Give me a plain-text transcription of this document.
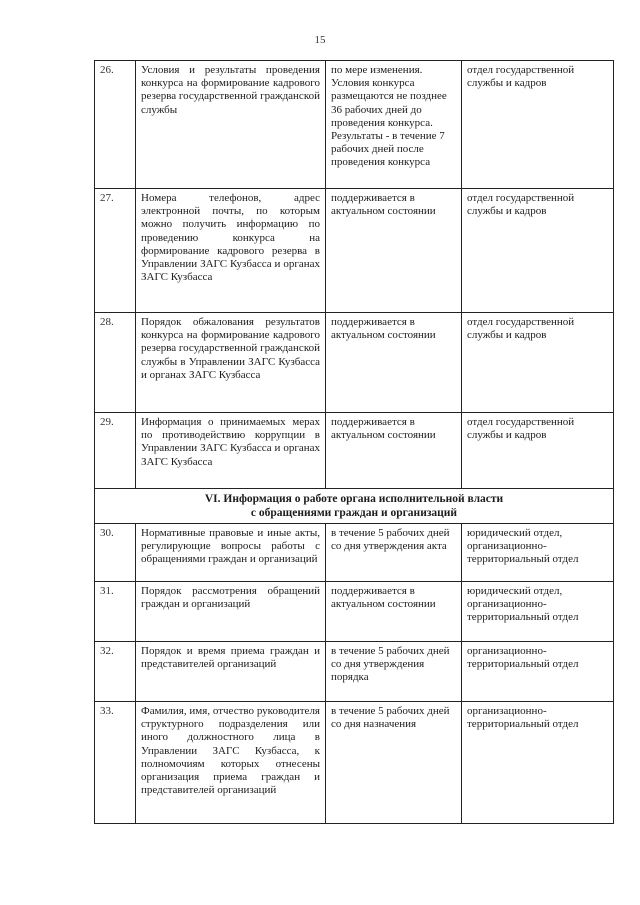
15
26.	Условия и результаты проведения конкурса на формирование кадрового резерва государственной гражданской службы	по мере изменения. Условия конкурса размещаются не позднее 36 рабочих дней до проведения конкурса. Результаты - в течение 7 рабочих дней после проведения конкурса	отдел государственной службы и кадров
27.	Номера телефонов, адрес электронной почты, по которым можно получить информацию по проведению конкурса на формирование кадрового резерва в Управлении ЗАГС Кузбасса и органах ЗАГС Кузбасса	поддерживается в актуальном состоянии	отдел государственной службы и кадров
28.	Порядок обжалования результатов конкурса на формирование кадрового резерва государственной гражданской службы в Управлении ЗАГС Кузбасса и органах ЗАГС Кузбасса	поддерживается в актуальном состоянии	отдел государственной службы и кадров
29.	Информация о принимаемых мерах по противодействию коррупции в Управлении ЗАГС Кузбасса и органах ЗАГС Кузбасса	поддерживается в актуальном состоянии	отдел государственной службы и кадров

VI. Информация о работе органа исполнительной власти
с обращениями граждан и организаций			

30.	Нормативные правовые и иные акты, регулирующие вопросы работы с обращениями граждан и организаций	в течение 5 рабочих дней со дня утверждения акта	юридический отдел, организационно-территориальный отдел
31.	Порядок рассмотрения обращений граждан и организаций	поддерживается в актуальном состоянии	юридический отдел, организационно-территориальный отдел
32.	Порядок и время приема граждан и представителей организаций	в течение 5 рабочих дней со дня утверждения порядка	организационно-территориальный отдел
33.	Фамилия, имя, отчество руководителя структурного подразделения или иного должностного лица в Управлении ЗАГС Кузбасса, к полномочиям которых отнесены организация приема граждан и представителей организаций	в течение 5 рабочих дней со дня назначения	организационно-территориальный отдел
